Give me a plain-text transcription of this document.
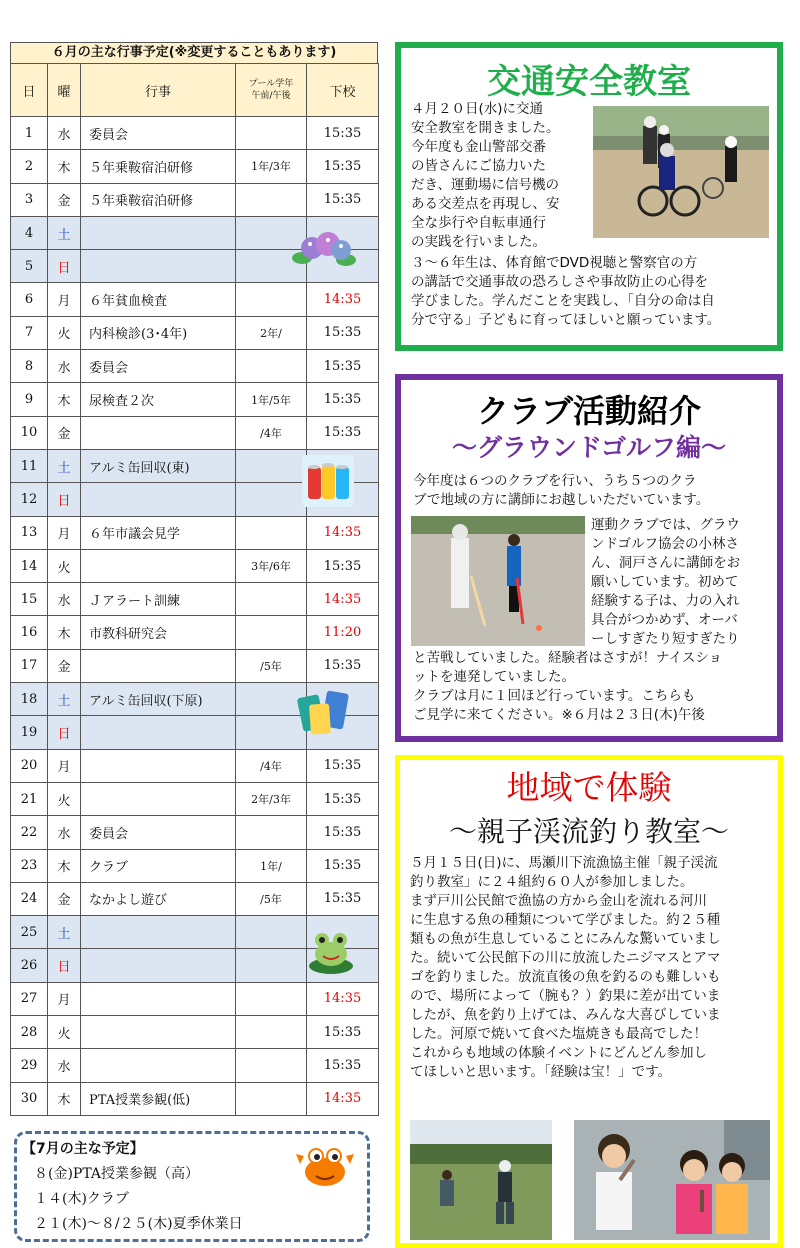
６月の主な行事予定(※変更することもあります)
日	曜	行事	プール学年
午前/午後	下校
1	水	委員会		15:35
2	木	５年乗鞍宿泊研修	1年/3年	15:35
3	金	５年乗鞍宿泊研修		15:35
4	土			
5	日			
6	月	６年貧血検査		14:35
7	火	内科検診(3･4年)	2年/	15:35
8	水	委員会		15:35
9	木	尿検査２次	1年/5年	15:35
10	金		/4年	15:35
11	土	アルミ缶回収(東)		
12	日			
13	月	６年市議会見学		14:35
14	火		3年/6年	15:35
15	水	Ｊアラート訓練		14:35
16	木	市教科研究会		11:20
17	金		/5年	15:35
18	土	アルミ缶回収(下原)		
19	日			
20	月		/4年	15:35
21	火		2年/3年	15:35
22	水	委員会		15:35
23	木	クラブ	1年/	15:35
24	金	なかよし遊び	/5年	15:35
25	土			
26	日			
27	月			14:35
28	火			15:35
29	水			15:35
30	木	PTA授業参観(低)		14:35
【7月の主な予定】
８(金)PTA授業参観（高）
１４(木)クラブ
２１(木)～８/２５(木)夏季休業日
交通安全教室

４月２０日(水)に交通

安全教室を開きました。

今年度も金山警部交番

の皆さんにご協力いた

だき、運動場に信号機の

ある交差点を再現し、安

全な歩行や自転車通行

の実践を行いました。

３～６年生は、体育館でDVD視聴と警察官の方

の講話で交通事故の恐ろしさや事故防止の心得を

学びました。学んだことを実践し、「自分の命は自

分で守る」子どもに育ってほしいと願っています。

クラブ活動紹介
～グラウンドゴルフ編～

今年度は６つのクラブを行い、うち５つのクラ

ブで地域の方に講師にお越しいただいています。

運動クラブでは、グラウ

ンドゴルフ協会の小林さ

ん、洞戸さんに講師をお

願いしています。初めて

経験する子は、力の入れ

具合がつかめず、オーバ

ーしすぎたり短すぎたり

と苦戦していました。経験者はさすが！ナイスショ

ットを連発していました。

クラブは月に１回ほど行っています。こちらも

ご見学に来てください。※６月は２３日(木)午後

地域で体験
～親子渓流釣り教室～

５月１５日(日)に、馬瀬川下流漁協主催「親子渓流

釣り教室」に２４組約６０人が参加しました。

まず戸川公民館で漁協の方から金山を流れる河川

に生息する魚の種類について学びました。約２５種

類もの魚が生息していることにみんな驚いていまし

た。続いて公民館下の川に放流したニジマスとアマ

ゴを釣りました。放流直後の魚を釣るのも難しいも

ので、場所によって（腕も？）釣果に差が出ていま

したが、魚を釣り上げては、みんな大喜びしていま

した。河原で焼いて食べた塩焼きも最高でした！

これからも地域の体験イベントにどんどん参加し

てほしいと思います。「経験は宝！」です。
